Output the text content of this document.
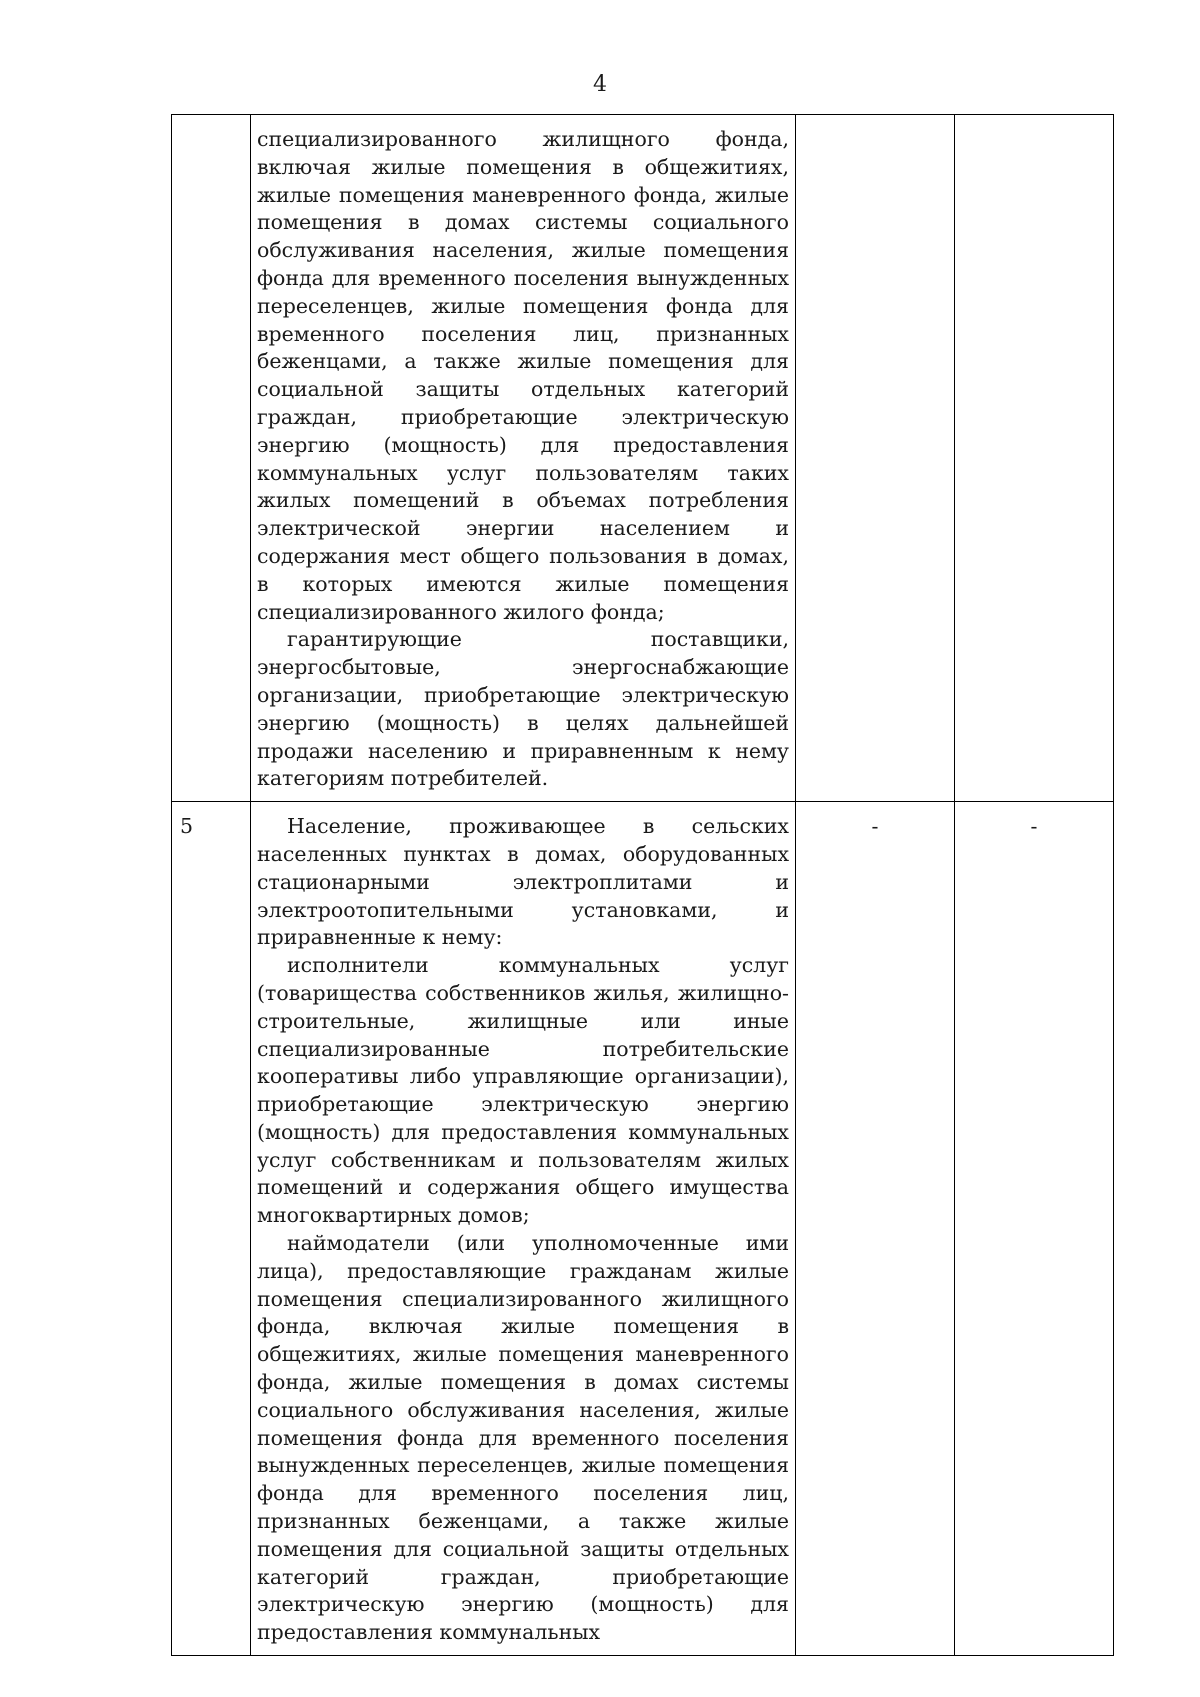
4

	специализированного жилищного фонда, включая жилые помещения в общежитиях, жилые помещения маневренного фонда, жилые помещения в домах системы социального обслуживания населения, жилые помещения фонда для временного поселения вынужденных переселенцев, жилые помещения фонда для временного поселения лиц, признанных беженцами, а также жилые помещения для социальной защиты отдельных категорий граждан, приобретающие электрическую энергию (мощность) для предоставления коммунальных услуг пользователям таких жилых помещений в объемах потребления электрической энергии населением и содержания мест общего пользования в домах, в которых имеются жилые помещения специализированного жилого фонда;
гарантирующие поставщики, энергосбытовые, энергоснабжающие организации, приобретающие электрическую энергию (мощность) в целях дальнейшей продажи населению и приравненным к нему категориям потребителей.		

5	Население, проживающее в сельских населенных пунктах в домах, оборудованных стационарными электроплитами и электроотопительными установками, и приравненные к нему:
исполнители коммунальных услуг (товарищества собственников жилья, жилищно-строительные, жилищные или иные специализированные потребительские кооперативы либо управляющие организации), приобретающие электрическую энергию (мощность) для предоставления коммунальных услуг собственникам и пользователям жилых помещений и содержания общего имущества многоквартирных домов;
наймодатели (или уполномоченные ими лица), предоставляющие гражданам жилые помещения специализированного жилищного фонда, включая жилые помещения в общежитиях, жилые помещения маневренного фонда, жилые помещения в домах системы социального обслуживания населения, жилые помещения фонда для временного поселения вынужденных переселенцев, жилые помещения фонда для временного поселения лиц, признанных беженцами, а также жилые помещения для социальной защиты отдельных категорий граждан, приобретающие электрическую энергию (мощность) для предоставления коммунальных	-	-
